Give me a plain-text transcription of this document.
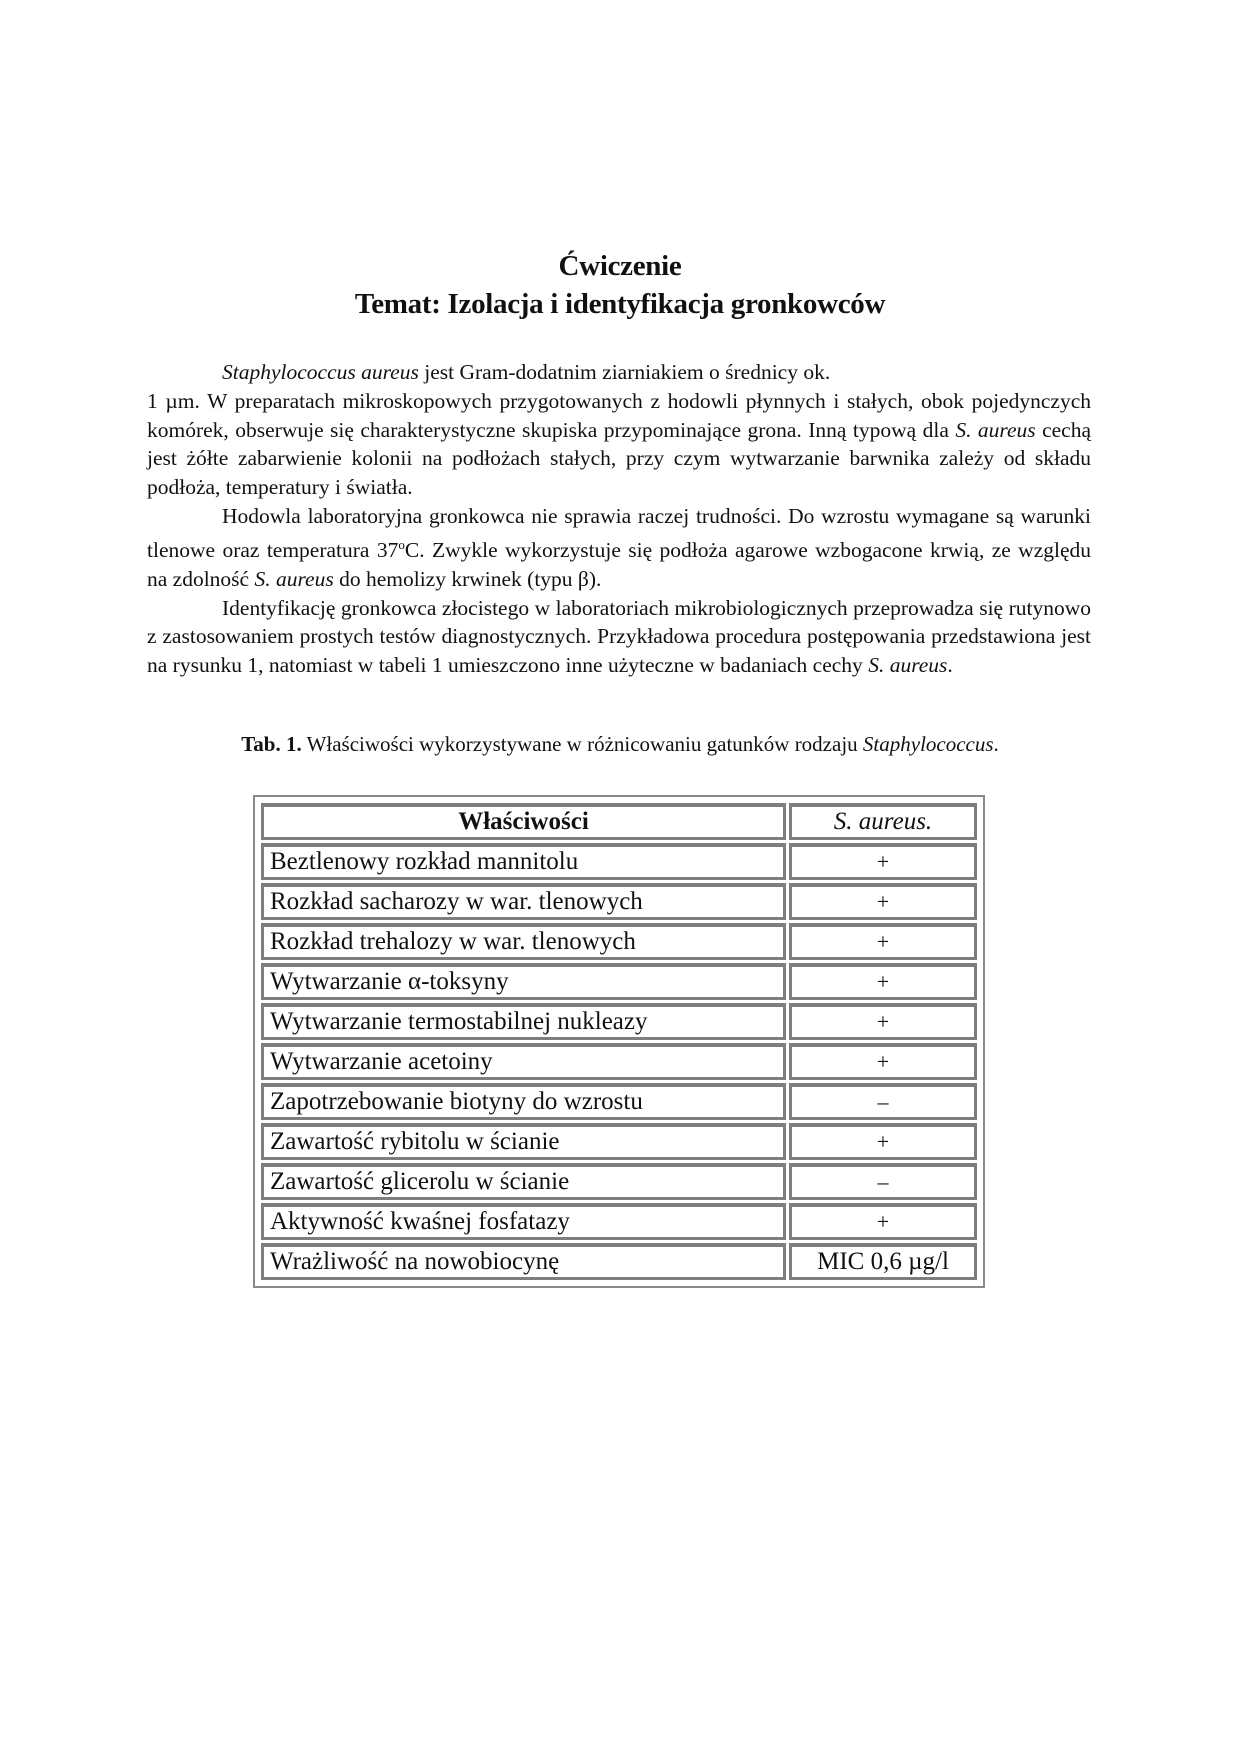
Ćwiczenie
Temat: Izolacja i identyfikacja gronkowców

Staphylococcus aureus jest Gram-dodatnim ziarniakiem o średnicy ok.
1 µm. W preparatach mikroskopowych przygotowanych z hodowli płynnych i stałych, obok pojedynczych komórek, obserwuje się charakterystyczne skupiska przypominające grona. Inną typową dla S. aureus cechą jest żółte zabarwienie kolonii na podłożach stałych, przy czym wytwarzanie barwnika zależy od składu podłoża, temperatury i światła.

Hodowla laboratoryjna gronkowca nie sprawia raczej trudności. Do wzrostu wymagane są warunki tlenowe oraz temperatura 37$^o$C. Zwykle wykorzystuje się podłoża agarowe wzbogacone krwią, ze względu na zdolność S. aureus do hemolizy krwinek (typu β).

Identyfikację gronkowca złocistego w laboratoriach mikrobiologicznych przeprowadza się rutynowo z zastosowaniem prostych testów diagnostycznych. Przykładowa procedura postępowania przedstawiona jest na rysunku 1, natomiast w tabeli 1 umieszczono inne użyteczne w badaniach cechy S. aureus.

Tab. 1. Właściwości wykorzystywane w różnicowaniu gatunków rodzaju Staphylococcus.
Właściwości	S. aureus.
Beztlenowy rozkład mannitolu	+
Rozkład sacharozy w war. tlenowych	+
Rozkład trehalozy w war. tlenowych	+
Wytwarzanie α-toksyny	+
Wytwarzanie termostabilnej nukleazy	+
Wytwarzanie acetoiny	+
Zapotrzebowanie biotyny do wzrostu	–
Zawartość rybitolu w ścianie	+
Zawartość glicerolu w ścianie	–
Aktywność kwaśnej fosfatazy	+
Wrażliwość na nowobiocynę	MIC 0,6 µg/l
